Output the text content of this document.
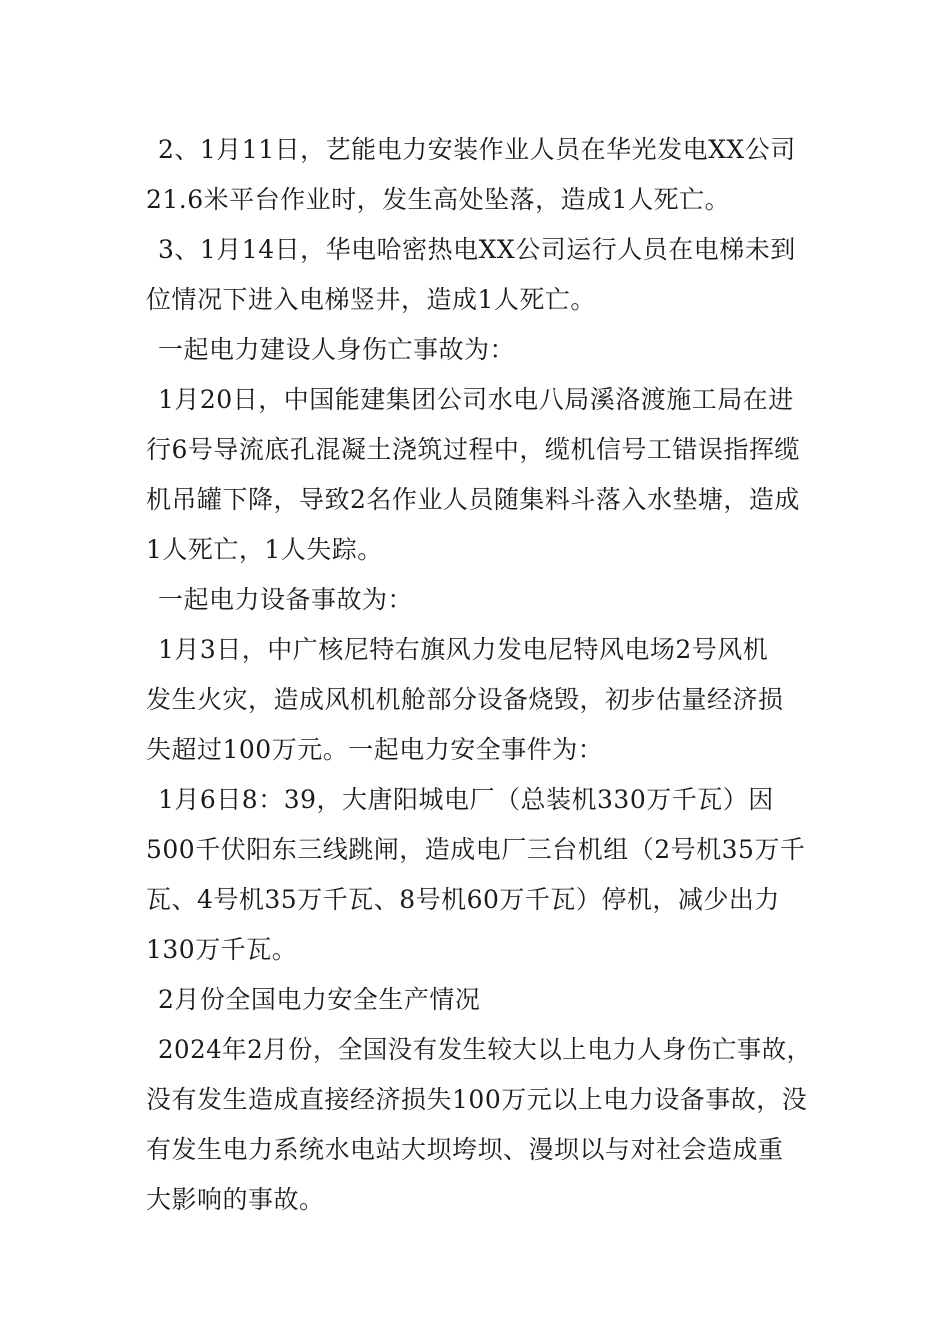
2、1月11日，艺能电力安装作业人员在华光发电XX公司
21.6米平台作业时，发生高处坠落，造成1人死亡。
3、1月14日，华电哈密热电XX公司运行人员在电梯未到
位情况下进入电梯竖井，造成1人死亡。
一起电力建设人身伤亡事故为：
1月20日，中国能建集团公司水电八局溪洛渡施工局在进
行6号导流底孔混凝土浇筑过程中，缆机信号工错误指挥缆
机吊罐下降，导致2名作业人员随集料斗落入水垫塘，造成
1人死亡，1人失踪。
一起电力设备事故为：
1月3日，中广核尼特右旗风力发电尼特风电场2号风机
发生火灾，造成风机机舱部分设备烧毁，初步估量经济损
失超过100万元。一起电力安全事件为：
1月6日8：39，大唐阳城电厂（总装机330万千瓦）因
500千伏阳东三线跳闸，造成电厂三台机组（2号机35万千
瓦、4号机35万千瓦、8号机60万千瓦）停机，减少出力
130万千瓦。
2月份全国电力安全生产情况
2024年2月份，全国没有发生较大以上电力人身伤亡事故，
没有发生造成直接经济损失100万元以上电力设备事故，没
有发生电力系统水电站大坝垮坝、漫坝以与对社会造成重
大影响的事故。
